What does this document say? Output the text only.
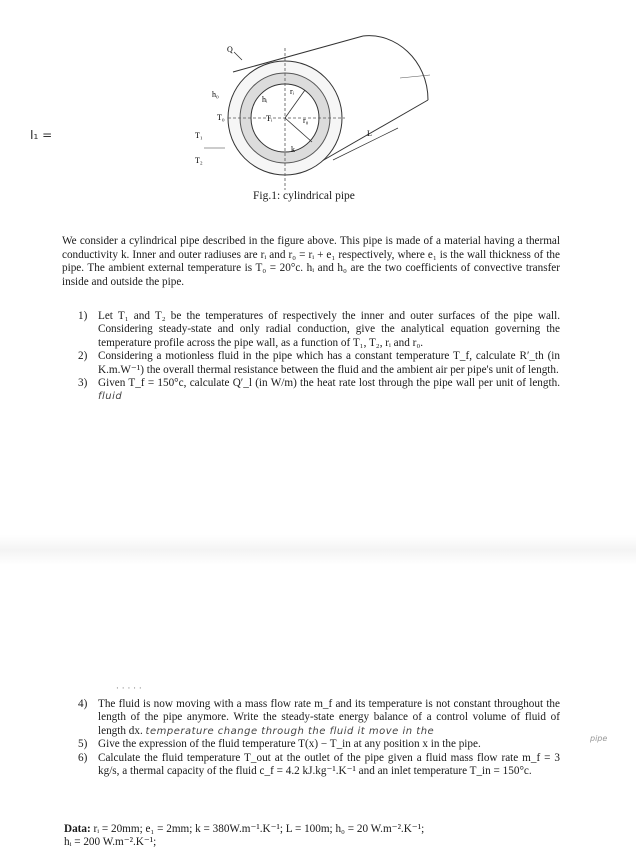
I₁ =
Q
h₀
hᵢ
rᵢ
T₀	Tᵢ	r₀
T₁
T₂
k
L
Fig.1: cylindrical pipe
We consider a cylindrical pipe described in the figure above. This pipe is made of a material having a thermal conductivity k. Inner and outer radiuses are rᵢ and r₀ = rᵢ + e₁ respectively, where e₁ is the wall thickness of the pipe. The ambient external temperature is T₀ = 20°c. hᵢ and h₀ are the two coefficients of convective transfer inside and outside the pipe.
1) Let T₁ and T₂ be the temperatures of respectively the inner and outer surfaces of the pipe wall. Considering steady-state and only radial conduction, give the analytical equation governing the temperature profile across the pipe wall, as a function of T₁, T₂, rᵢ and r₀.
2) Considering a motionless fluid in the pipe which has a constant temperature T_f, calculate R′_th (in K.m.W⁻¹) the overall thermal resistance between the fluid and the ambient air per pipe's unit of length.
3) Given T_f = 150°c, calculate Q′_l (in W/m) the heat rate lost through the pipe wall per unit of length. fluid
· · · · ·
4) The fluid is now moving with a mass flow rate m_f and its temperature is not constant throughout the length of the pipe anymore. Write the steady-state energy balance of a control volume of fluid of length dx. temperature change through the fluid it move in the
5) Give the expression of the fluid temperature T(x) − T_in at any position x in the pipe.
6) Calculate the fluid temperature T_out at the outlet of the pipe given a fluid mass flow rate m_f = 3 kg/s, a thermal capacity of the fluid c_f = 4.2 kJ.kg⁻¹.K⁻¹ and an inlet temperature T_in = 150°c.
pipe
Data: rᵢ = 20mm; e₁ = 2mm; k = 380W.m⁻¹.K⁻¹; L = 100m; h₀ = 20 W.m⁻².K⁻¹;
hᵢ = 200 W.m⁻².K⁻¹;
